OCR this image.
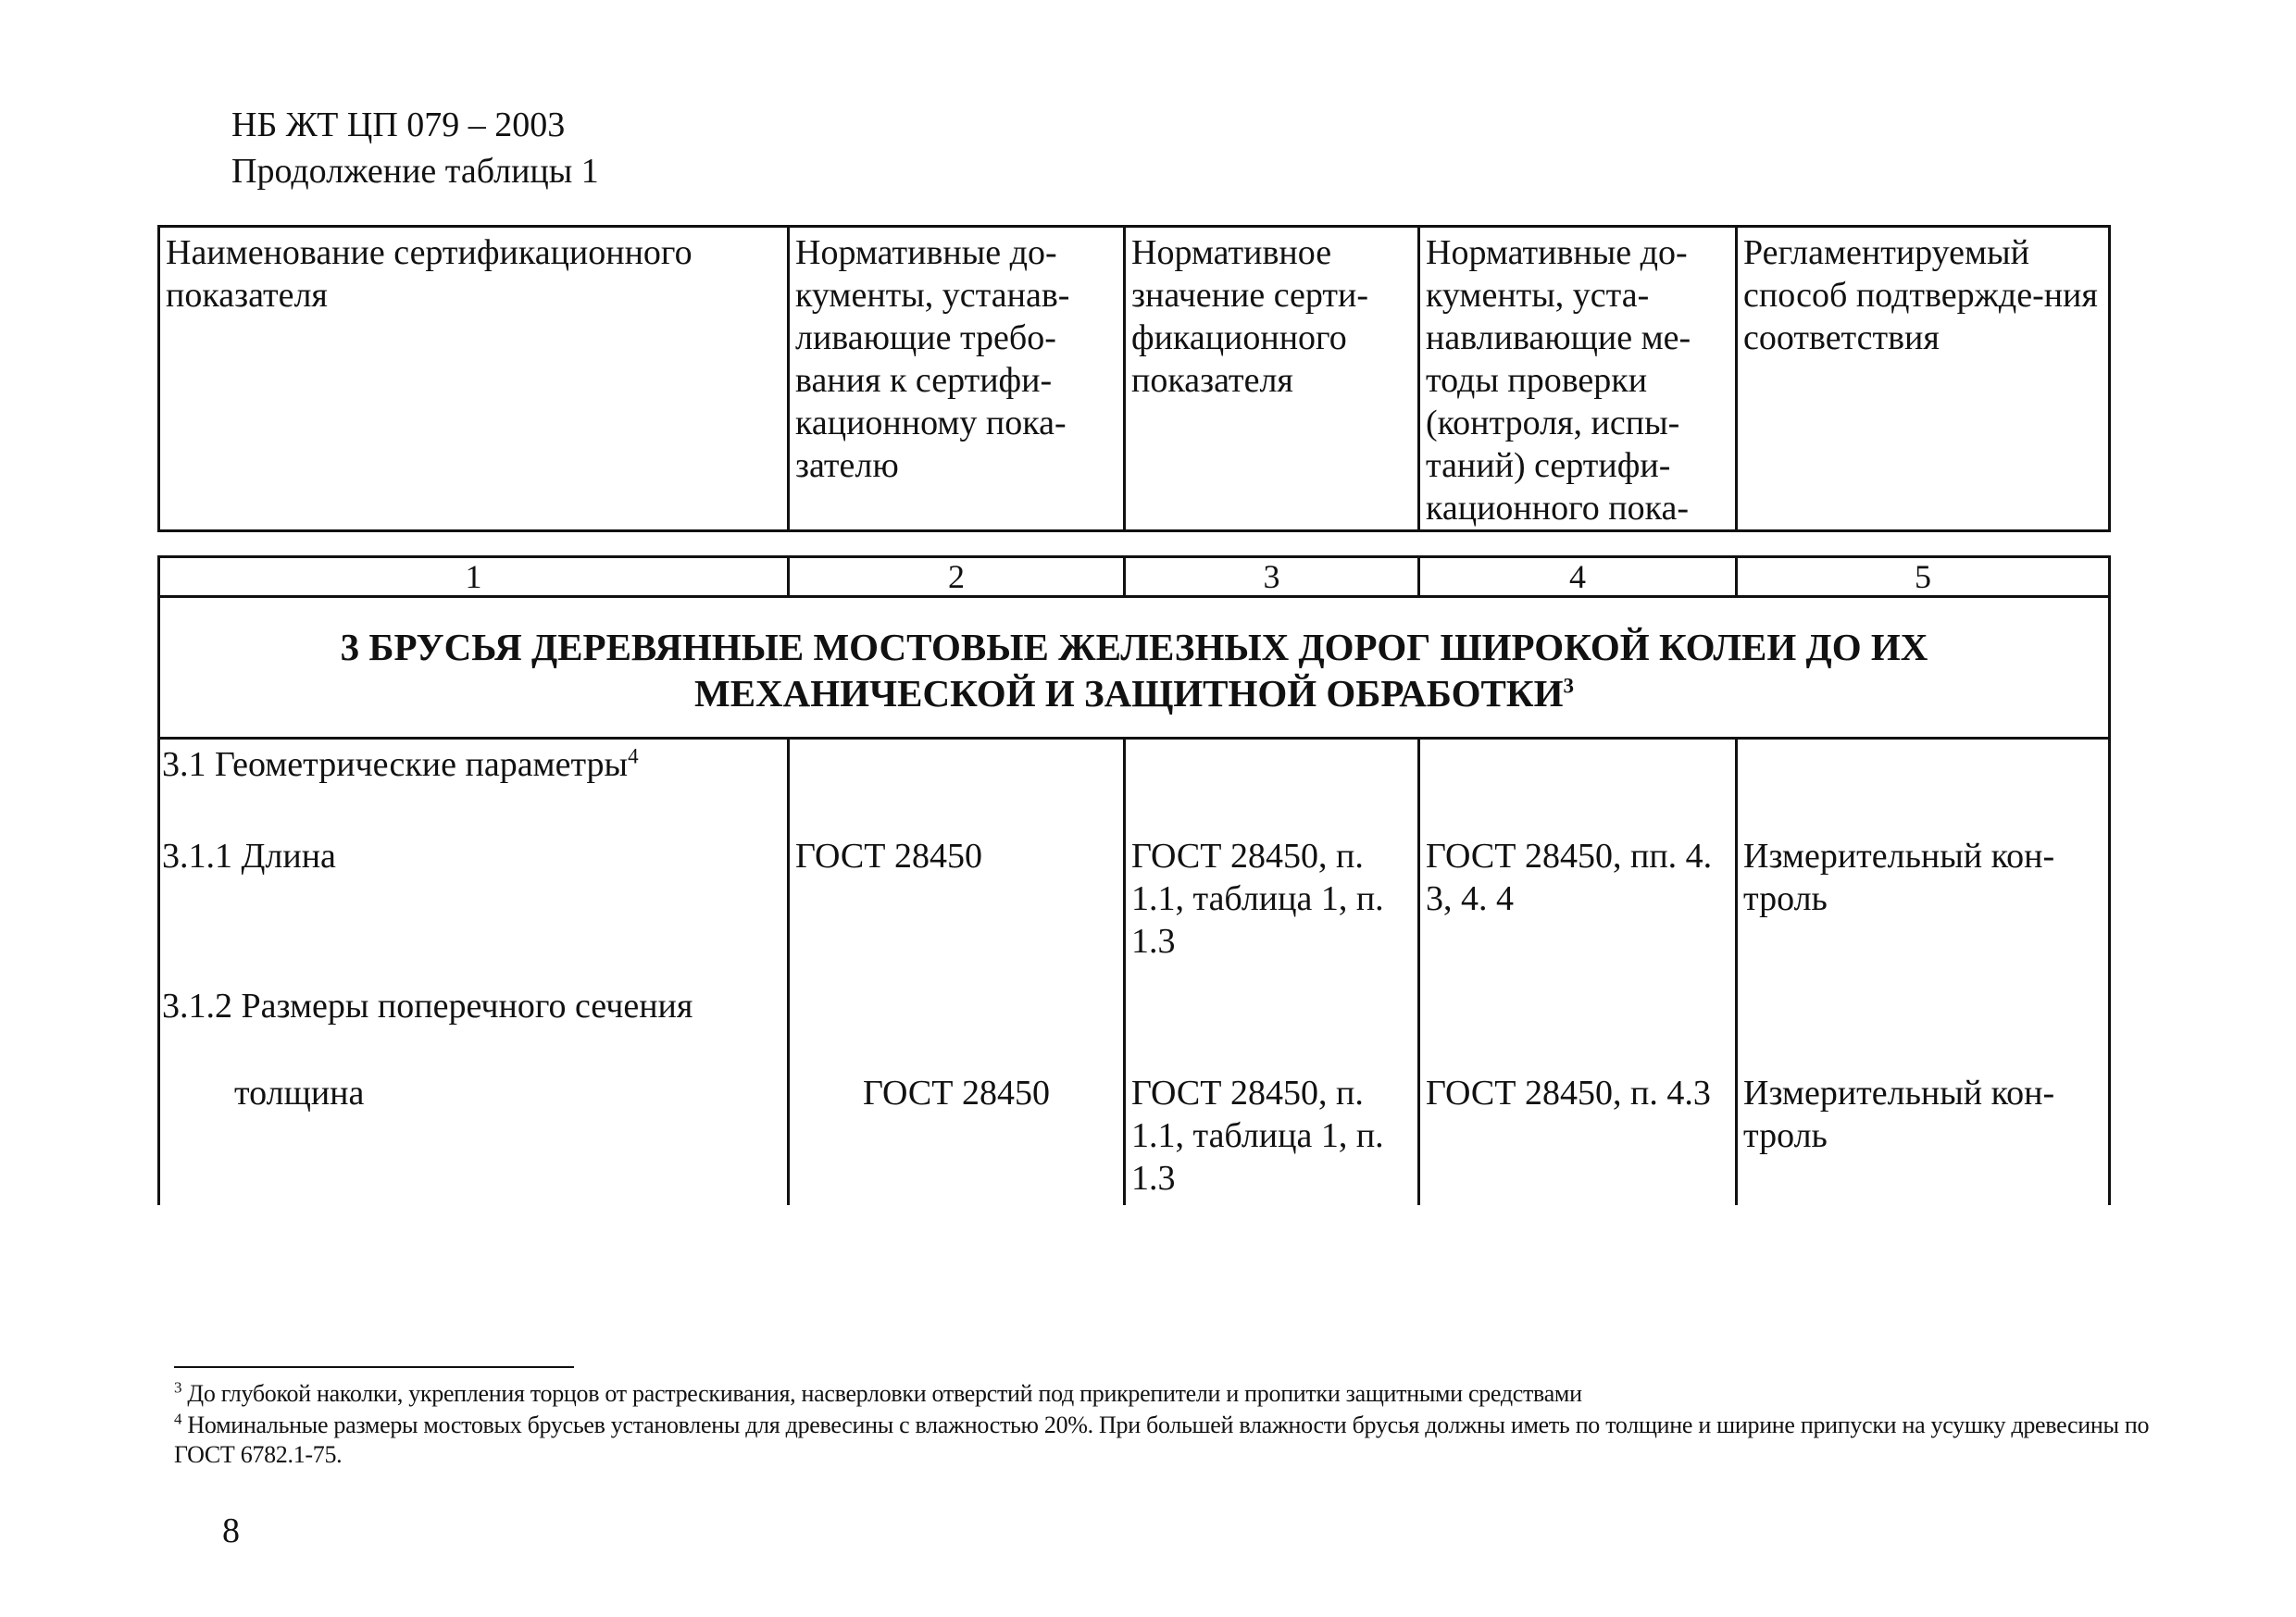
НБ ЖТ ЦП 079 – 2003
Продолжение таблицы 1
Наименование сертификационного показателя	Нормативные до-кументы, устанав-ливающие требо-вания к сертифи-кационному пока-зателю	Нормативное значение серти-фикационного показателя	Нормативные до-кументы, уста-навливающие ме-тоды проверки (контроля, испы-таний) сертифи-кационного пока-	Регламентируемый способ подтвержде-ния соответствия
1	2	3	4	5
3 БРУСЬЯ ДЕРЕВЯННЫЕ МОСТОВЫЕ ЖЕЛЕЗНЫХ ДОРОГ ШИРОКОЙ КОЛЕИ ДО ИХ МЕХАНИЧЕСКОЙ И ЗАЩИТНОЙ ОБРАБОТКИ$^3$
3.1 Геометрические параметры$^4$				
3.1.1 Длина	ГОСТ 28450	ГОСТ 28450, п. 1.1, таблица 1, п. 1.3	ГОСТ 28450, пп. 4. 3, 4. 4	Измерительный кон-троль
3.1.2 Размеры поперечного сечения				
толщина	ГОСТ 28450	ГОСТ 28450, п. 1.1, таблица 1, п. 1.3	ГОСТ 28450, п. 4.3	Измерительный кон-троль
$^3$ До глубокой наколки, укрепления торцов от растрескивания, насверловки отверстий под прикрепители и пропитки защитными средствами
$^4$ Номинальные размеры мостовых брусьев установлены для древесины с влажностью 20%. При большей влажности брусья должны иметь по толщине и ширине припуски на усушку древесины по ГОСТ 6782.1-75.
8
